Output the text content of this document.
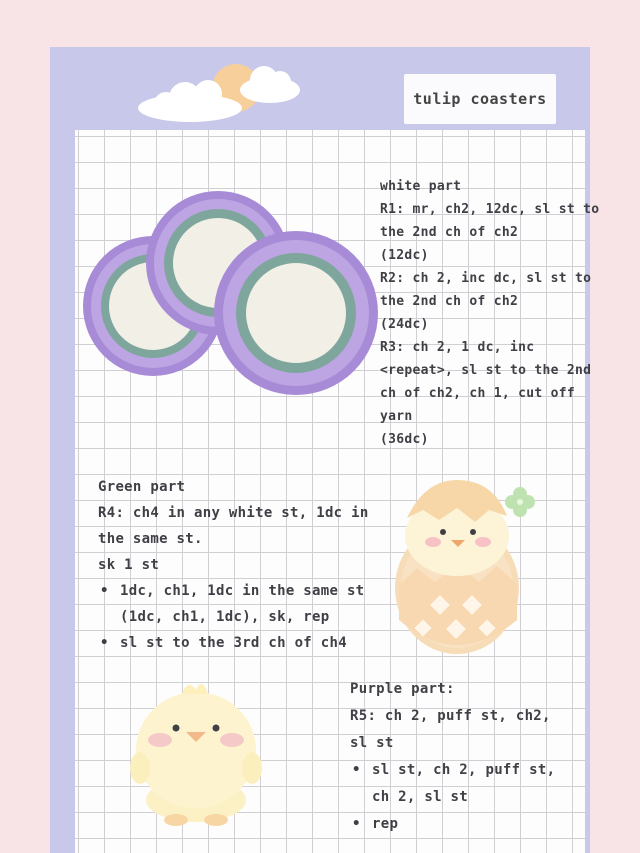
tulip coasters
white part
R1: mr, ch2, 12dc, sl st to
the 2nd ch of ch2
(12dc)
R2: ch 2, inc dc, sl st to
the 2nd ch of ch2
(24dc)
R3: ch 2, 1 dc, inc
<repeat>, sl st to the 2nd
ch of ch2, ch 1, cut off
yarn
(36dc)
Green part
R4: ch4 in any white st, 1dc in
the same st.
sk 1 st
• 1dc, ch1, 1dc in the same st
(1dc, ch1, 1dc), sk, rep
• sl st to the 3rd ch of ch4
Purple part:
R5: ch 2, puff st, ch2,
sl st
• sl st, ch 2, puff st,
ch 2, sl st
• rep
